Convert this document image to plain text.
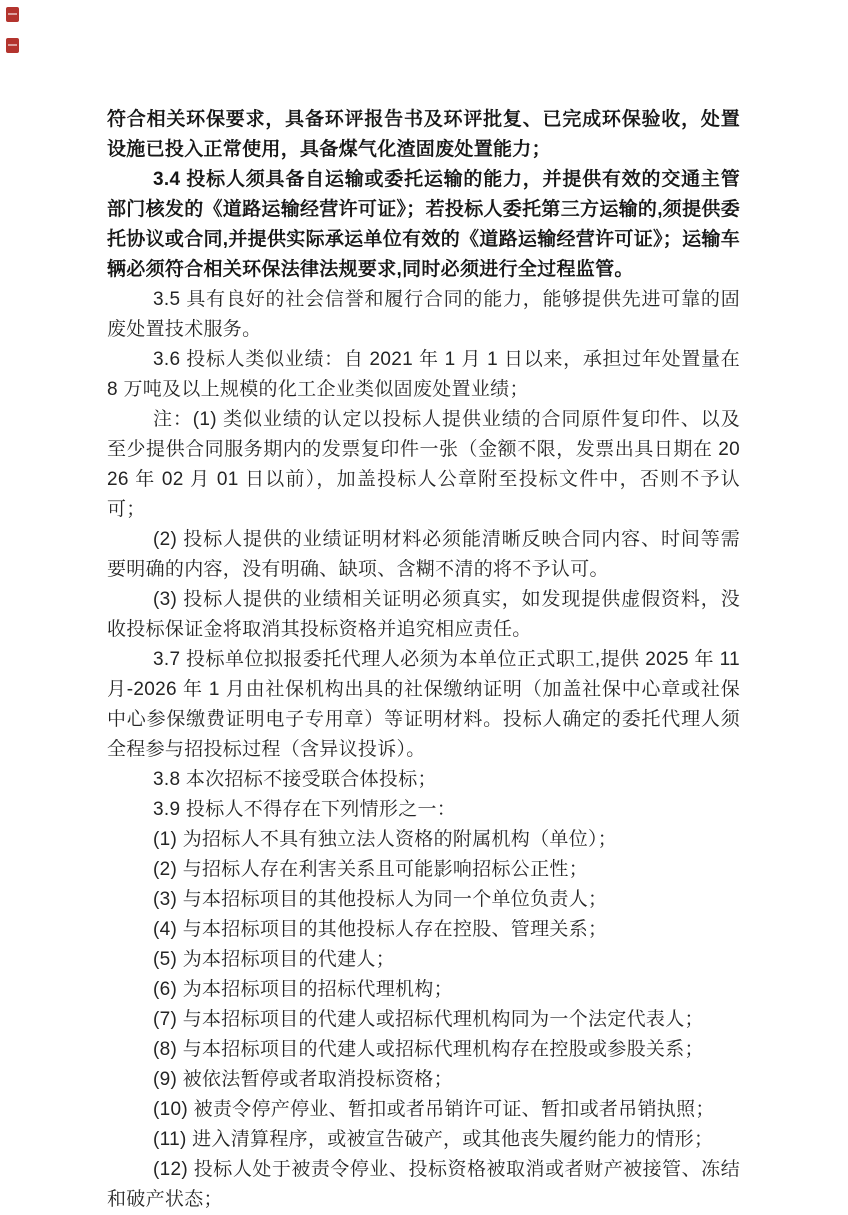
符合相关环保要求，具备环评报告书及环评批复、已完成环保验收，处置设施已投入正常使用，具备煤气化渣固废处置能力；

3.4 投标人须具备自运输或委托运输的能力，并提供有效的交通主管部门核发的《道路运输经营许可证》；若投标人委托第三方运输的,须提供委托协议或合同,并提供实际承运单位有效的《道路运输经营许可证》；运输车辆必须符合相关环保法律法规要求,同时必须进行全过程监管。

3.5 具有良好的社会信誉和履行合同的能力，能够提供先进可靠的固废处置技术服务。

3.6 投标人类似业绩：自 2021 年 1 月 1 日以来，承担过年处置量在 8 万吨及以上规模的化工企业类似固废处置业绩；

注：(1) 类似业绩的认定以投标人提供业绩的合同原件复印件、以及至少提供合同服务期内的发票复印件一张（金额不限，发票出具日期在 2026 年 02 月 01 日以前），加盖投标人公章附至投标文件中，否则不予认可；

(2) 投标人提供的业绩证明材料必须能清晰反映合同内容、时间等需要明确的内容，没有明确、缺项、含糊不清的将不予认可。

(3) 投标人提供的业绩相关证明必须真实，如发现提供虚假资料，没收投标保证金将取消其投标资格并追究相应责任。

3.7 投标单位拟报委托代理人必须为本单位正式职工,提供 2025 年 11 月-2026 年 1 月由社保机构出具的社保缴纳证明（加盖社保中心章或社保中心参保缴费证明电子专用章）等证明材料。投标人确定的委托代理人须全程参与招投标过程（含异议投诉）。

3.8 本次招标不接受联合体投标；

3.9 投标人不得存在下列情形之一：

(1) 为招标人不具有独立法人资格的附属机构（单位）；

(2) 与招标人存在利害关系且可能影响招标公正性；

(3) 与本招标项目的其他投标人为同一个单位负责人；

(4) 与本招标项目的其他投标人存在控股、管理关系；

(5) 为本招标项目的代建人；

(6) 为本招标项目的招标代理机构；

(7) 与本招标项目的代建人或招标代理机构同为一个法定代表人；

(8) 与本招标项目的代建人或招标代理机构存在控股或参股关系；

(9) 被依法暂停或者取消投标资格；

(10) 被责令停产停业、暂扣或者吊销许可证、暂扣或者吊销执照；

(11) 进入清算程序，或被宣告破产，或其他丧失履约能力的情形；

(12) 投标人处于被责令停业、投标资格被取消或者财产被接管、冻结和破产状态；
